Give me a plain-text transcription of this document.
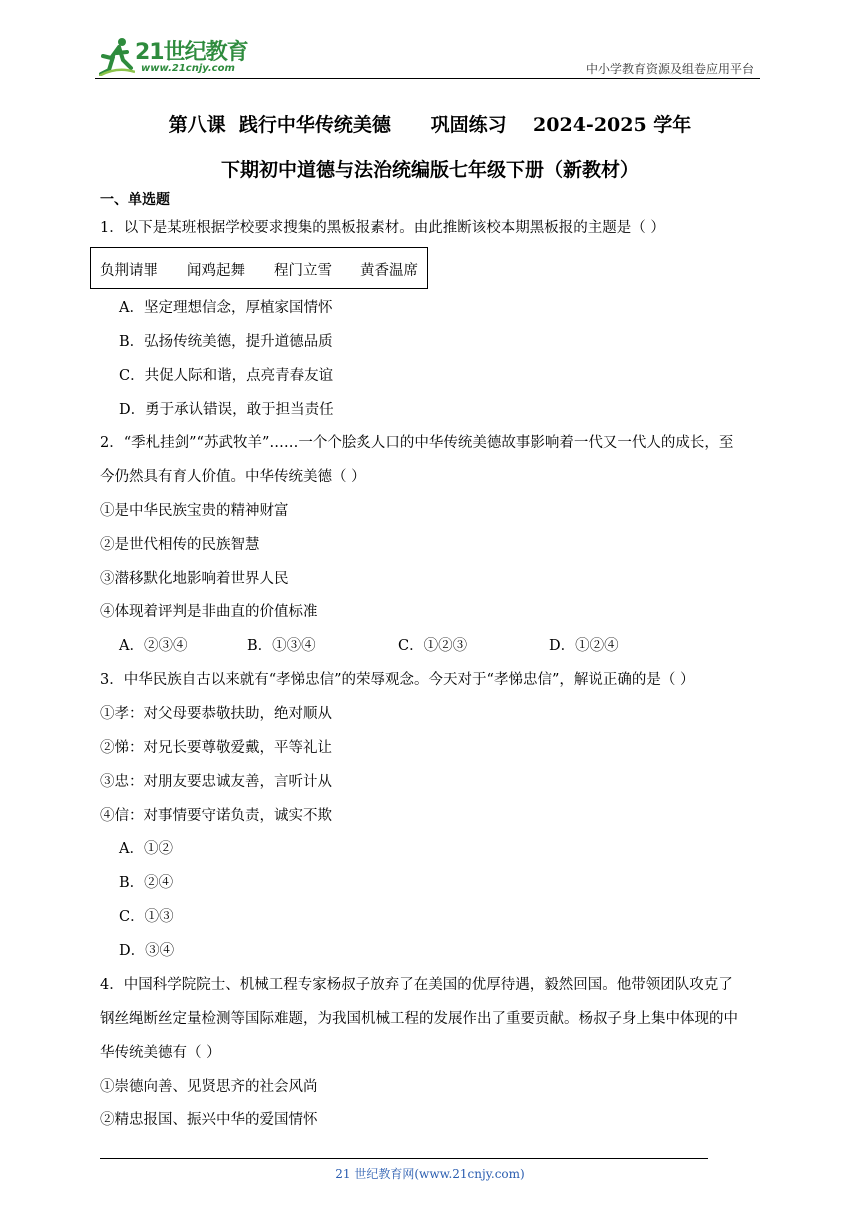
21世纪教育
www.21cnjy.com	中小学教育资源及组卷应用平台
第八课  践行中华传统美德      巩固练习    2024-2025 学年
下期初中道德与法治统编版七年级下册（新教材）
一、单选题
1．以下是某班根据学校要求搜集的黑板报素材。由此推断该校本期黑板报的主题是（ ）
负荆请罪 闻鸡起舞 程门立雪 黄香温席
A．坚定理想信念，厚植家国情怀
B．弘扬传统美德，提升道德品质
C．共促人际和谐，点亮青春友谊
D．勇于承认错误，敢于担当责任
2．“季札挂剑”“苏武牧羊”……一个个脍炙人口的中华传统美德故事影响着一代又一代人的成长，至
今仍然具有育人价值。中华传统美德（ ）
①是中华民族宝贵的精神财富
②是世代相传的民族智慧
③潜移默化地影响着世界人民
④体现着评判是非曲直的价值标准
A．②③④	B．①③④	C．①②③	D．①②④
3．中华民族自古以来就有“孝悌忠信”的荣辱观念。今天对于“孝悌忠信”，解说正确的是（ ）
①孝：对父母要恭敬扶助，绝对顺从
②悌：对兄长要尊敬爱戴，平等礼让
③忠：对朋友要忠诚友善，言听计从
④信：对事情要守诺负责，诚实不欺
A．①②
B．②④
C．①③
D．③④
4．中国科学院院士、机械工程专家杨叔子放弃了在美国的优厚待遇，毅然回国。他带领团队攻克了
钢丝绳断丝定量检测等国际难题，为我国机械工程的发展作出了重要贡献。杨叔子身上集中体现的中
华传统美德有（ ）
①崇德向善、见贤思齐的社会风尚
②精忠报国、振兴中华的爱国情怀
21 世纪教育网(www.21cnjy.com)
